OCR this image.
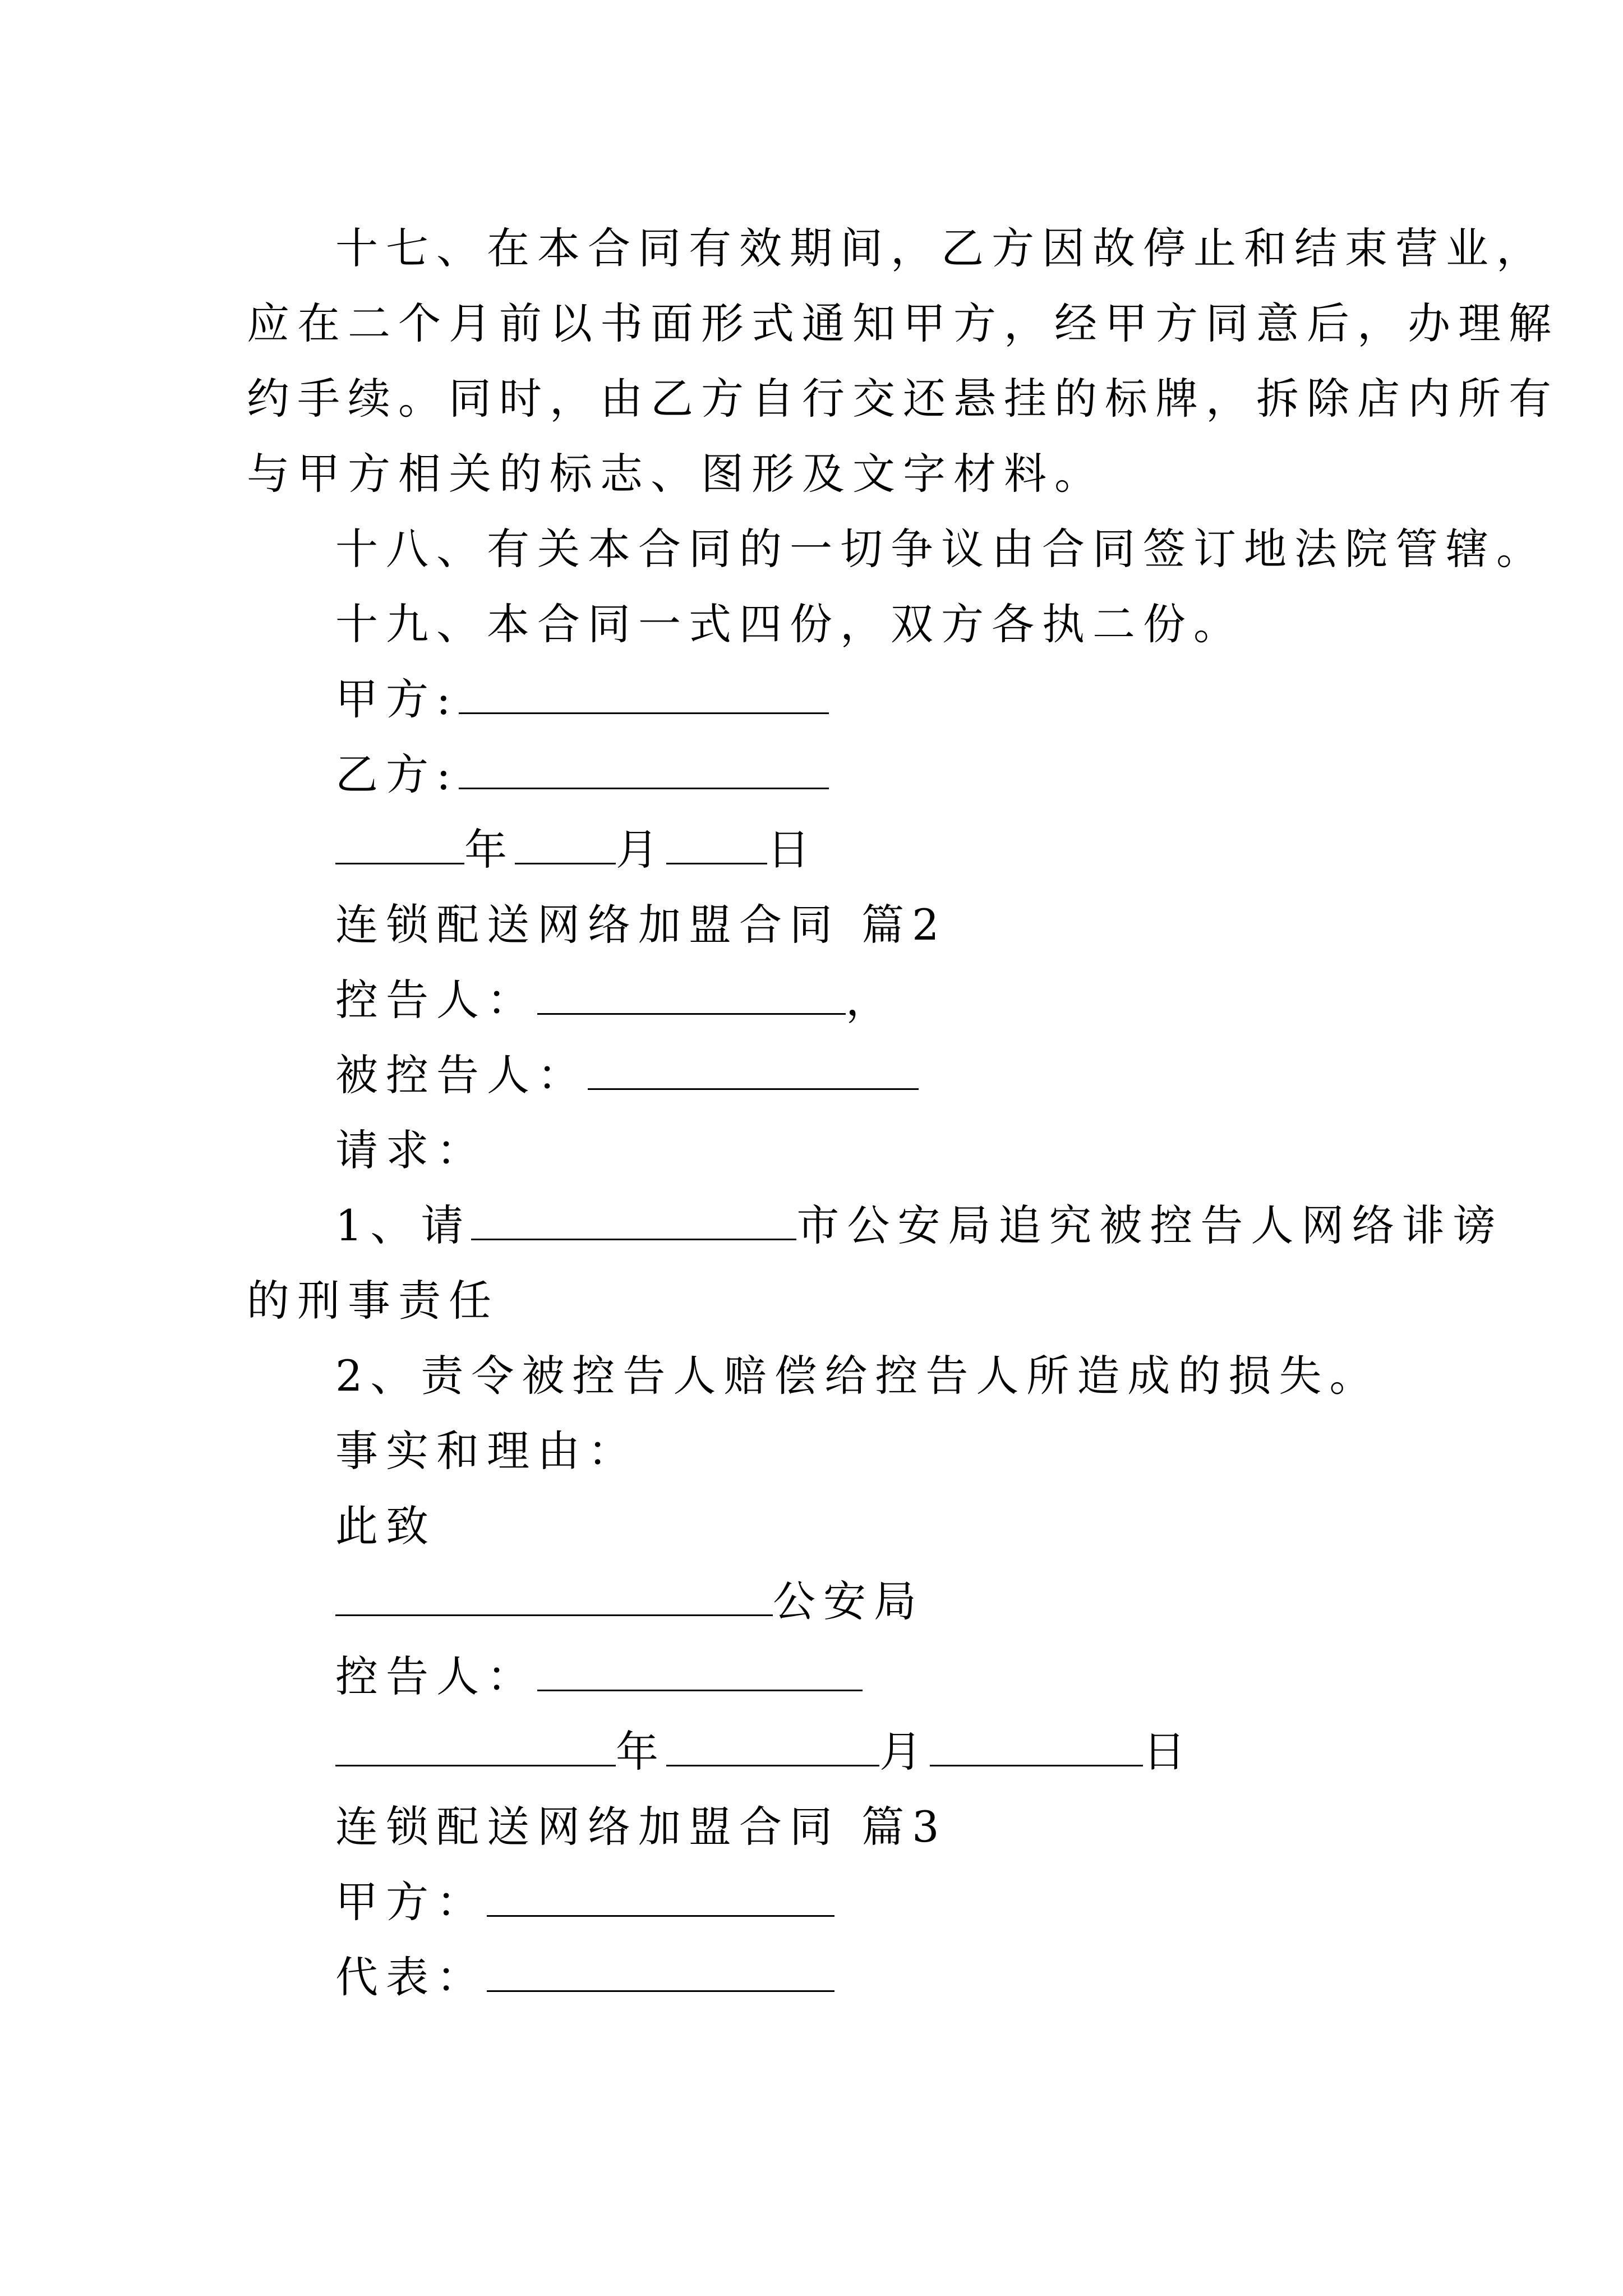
十七、在本合同有效期间，乙方因故停止和结束营业，
应在二个月前以书面形式通知甲方，经甲方同意后，办理解
约手续。同时，由乙方自行交还悬挂的标牌，拆除店内所有
与甲方相关的标志、图形及文字材料。
十八、有关本合同的一切争议由合同签订地法院管辖。
十九、本合同一式四份，双方各执二份。
甲方:
乙方:
年 月 日
连锁配送网络加盟合同 篇2
控告人：	，
被控告人：
请求：
1、请	市公安局追究被控告人网络诽谤
的刑事责任
2、责令被控告人赔偿给控告人所造成的损失。
事实和理由：
此致
公安局
控告人：
年	月	日
连锁配送网络加盟合同 篇3
甲方：
代表：
